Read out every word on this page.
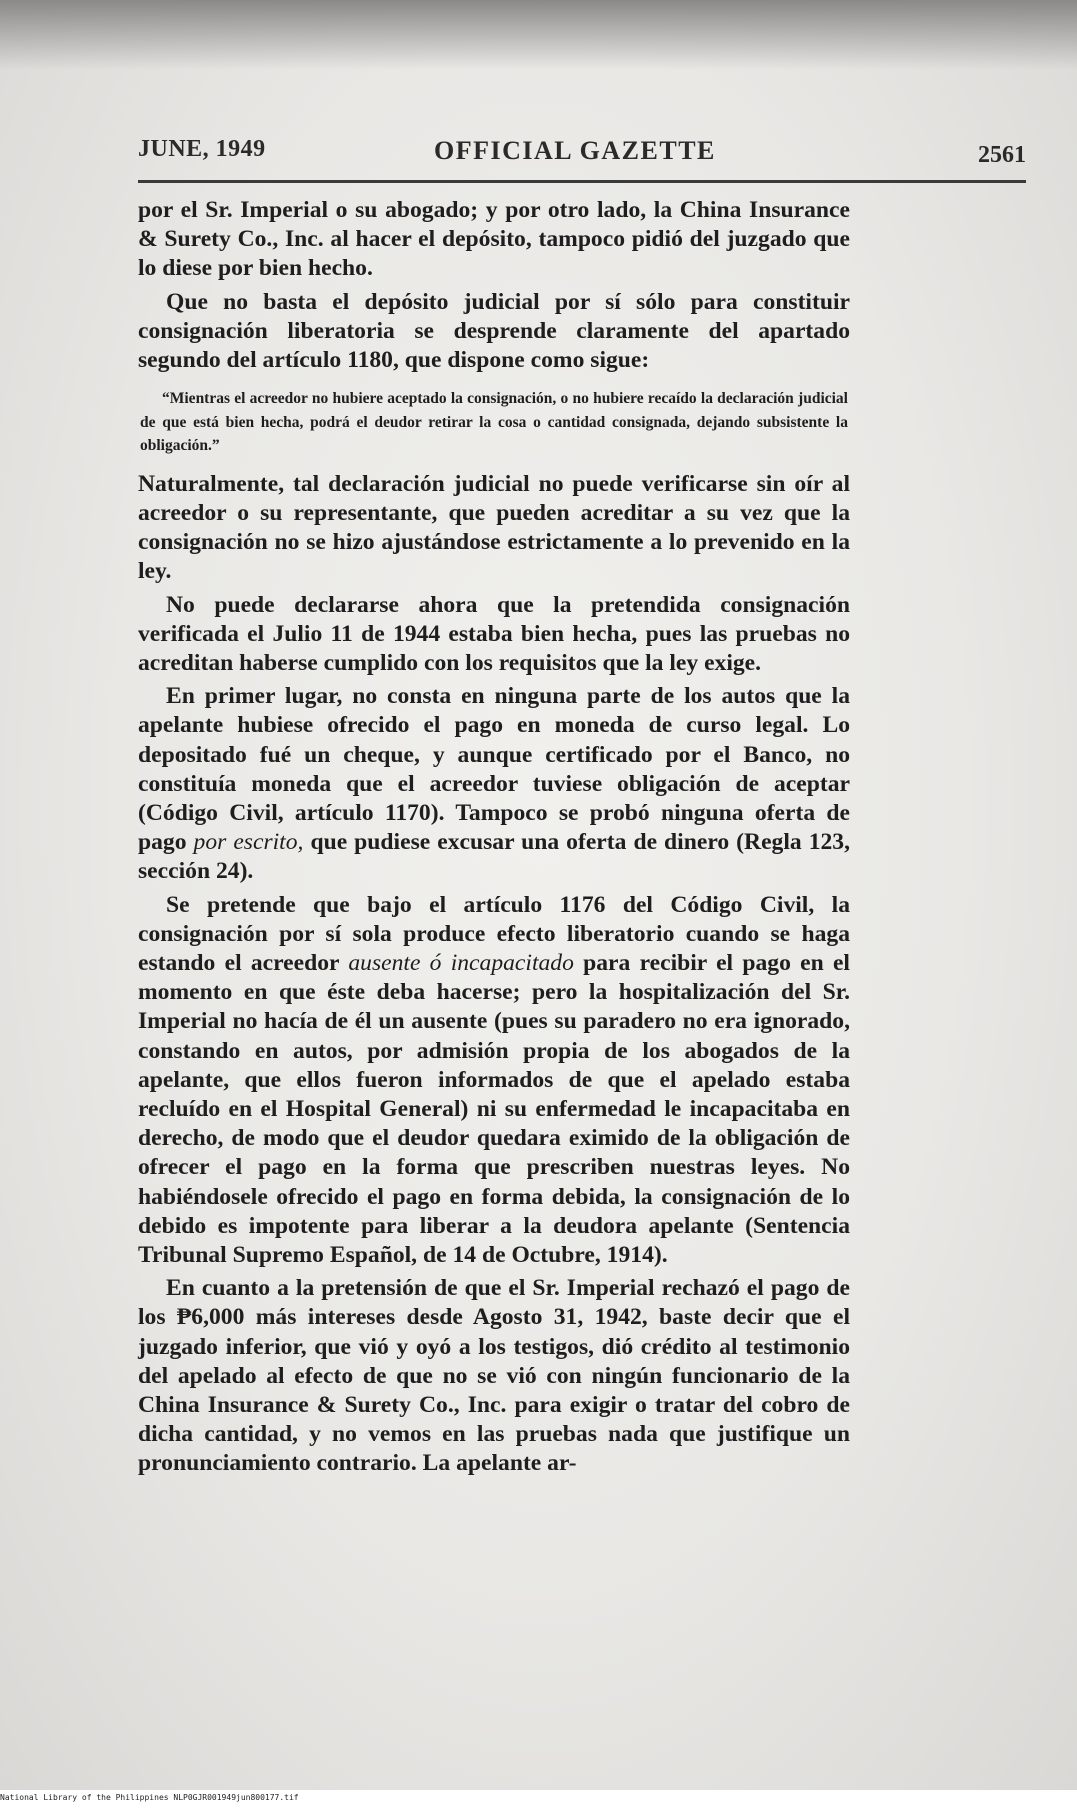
JUNE, 1949	OFFICIAL GAZETTE	2561

por el Sr. Imperial o su abogado; y por otro lado, la China Insurance & Surety Co., Inc. al hacer el depósito, tampoco pidió del juzgado que lo diese por bien hecho.

Que no basta el depósito judicial por sí sólo para constituir consignación liberatoria se desprende claramente del apartado segundo del artículo 1180, que dispone como sigue:

“Mientras el acreedor no hubiere aceptado la consignación, o no hubiere recaído la declaración judicial de que está bien hecha, podrá el deudor retirar la cosa o cantidad consignada, dejando subsistente la obligación.”

Naturalmente, tal declaración judicial no puede verificarse sin oír al acreedor o su representante, que pueden acreditar a su vez que la consignación no se hizo ajustándose estrictamente a lo prevenido en la ley.

No puede declararse ahora que la pretendida consignación verificada el Julio 11 de 1944 estaba bien hecha, pues las pruebas no acreditan haberse cumplido con los requisitos que la ley exige.

En primer lugar, no consta en ninguna parte de los autos que la apelante hubiese ofrecido el pago en moneda de curso legal. Lo depositado fué un cheque, y aunque certificado por el Banco, no constituía moneda que el acreedor tuviese obligación de aceptar (Código Civil, artículo 1170). Tampoco se probó ninguna oferta de pago por escrito, que pudiese excusar una oferta de dinero (Regla 123, sección 24).

Se pretende que bajo el artículo 1176 del Código Civil, la consignación por sí sola produce efecto liberatorio cuando se haga estando el acreedor ausente ó incapacitado para recibir el pago en el momento en que éste deba hacerse; pero la hospitalización del Sr. Imperial no hacía de él un ausente (pues su paradero no era ignorado, constando en autos, por admisión propia de los abogados de la apelante, que ellos fueron informados de que el apelado estaba recluído en el Hospital General) ni su enfermedad le incapacitaba en derecho, de modo que el deudor quedara eximido de la obligación de ofrecer el pago en la forma que prescriben nuestras leyes. No habiéndosele ofrecido el pago en forma debida, la consignación de lo debido es impotente para liberar a la deudora apelante (Sentencia Tribunal Supremo Español, de 14 de Octubre, 1914).

En cuanto a la pretensión de que el Sr. Imperial rechazó el pago de los ₱6,000 más intereses desde Agosto 31, 1942, baste decir que el juzgado inferior, que vió y oyó a los testigos, dió crédito al testimonio del apelado al efecto de que no se vió con ningún funcionario de la China Insurance & Surety Co., Inc. para exigir o tratar del cobro de dicha cantidad, y no vemos en las pruebas nada que justifique un pronunciamiento contrario. La apelante ar-

National Library of the Philippines NLP0GJR001949jun800177.tif
